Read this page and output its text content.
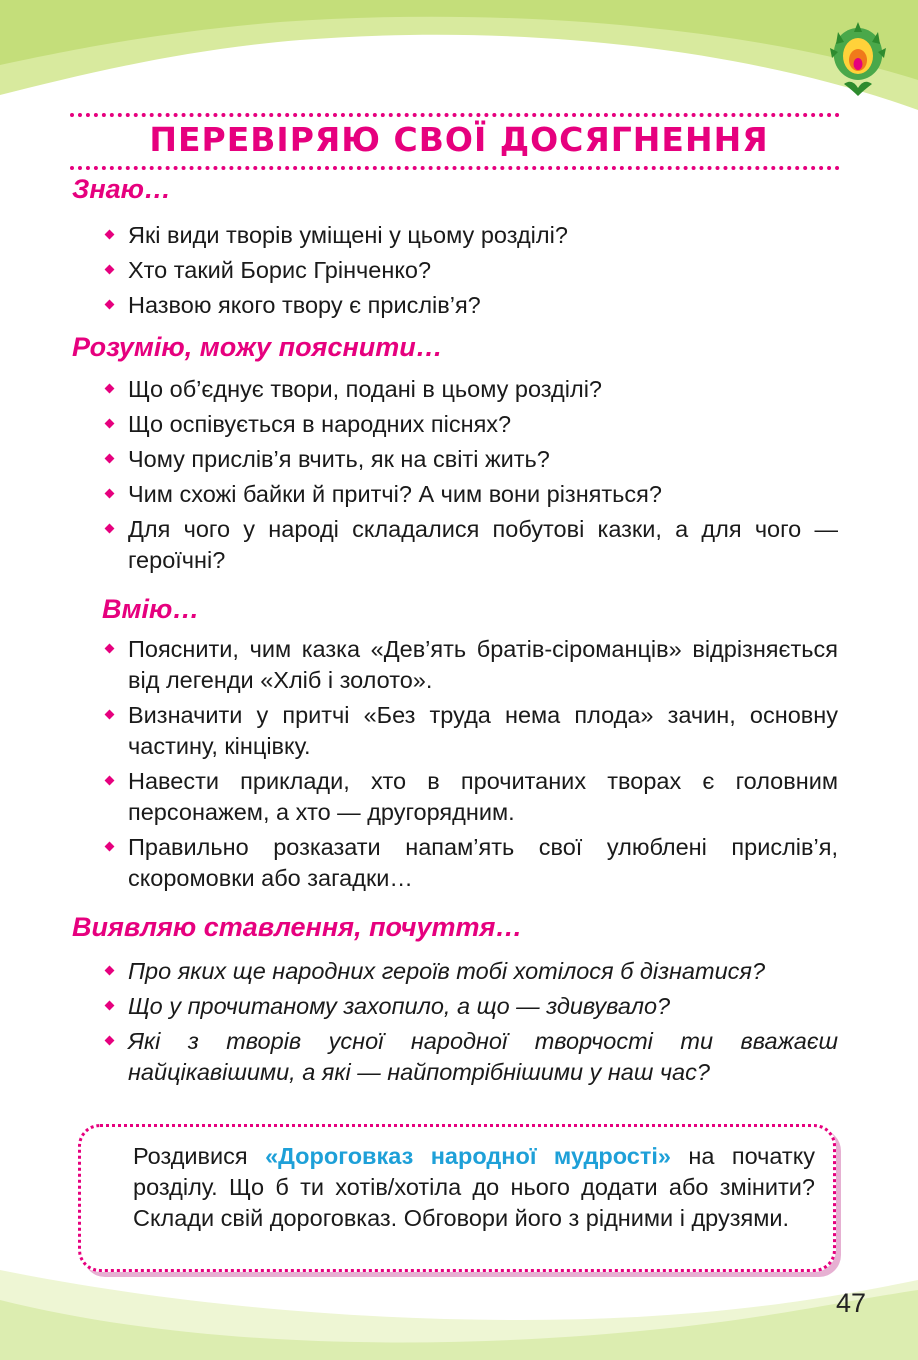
ПЕРЕВІРЯЮ СВОЇ ДОСЯГНЕННЯ
Знаю…
Які види творів уміщені у цьому розділі?
Хто такий Борис Грінченко?
Назвою якого твору є прислів’я?
Розумію, можу пояснити…
Що об’єднує твори, подані в цьому розділі?
Що оспівується в народних піснях?
Чому прислів’я вчить, як на світі жить?
Чим схожі байки й притчі? А чим вони різняться?
Для чого у народі складалися побутові казки, а для чого — героїчні?
Вмію…
Пояснити, чим казка «Дев’ять братів-сіроманців» відрізняється від легенди «Хліб і золото».
Визначити у притчі «Без труда нема плода» зачин, основну частину, кінцівку.
Навести приклади, хто в прочитаних творах є головним персонажем, а хто — другорядним.
Правильно розказати напам’ять свої улюблені прислів’я, скоромовки або загадки…
Виявляю ставлення, почуття…
Про яких ще народних героїв тобі хотілося б дізнатися?
Що у прочитаному захопило, а що — здивувало?
Які з творів усної народної творчості ти вважаєш найцікавішими, а які — найпотрібнішими у наш час?
Роздивися «Дороговказ народної мудрості» на початку розділу. Що б ти хотів/хотіла до нього додати або змінити? Склади свій дороговказ. Обговори його з рідними і друзями.
47
